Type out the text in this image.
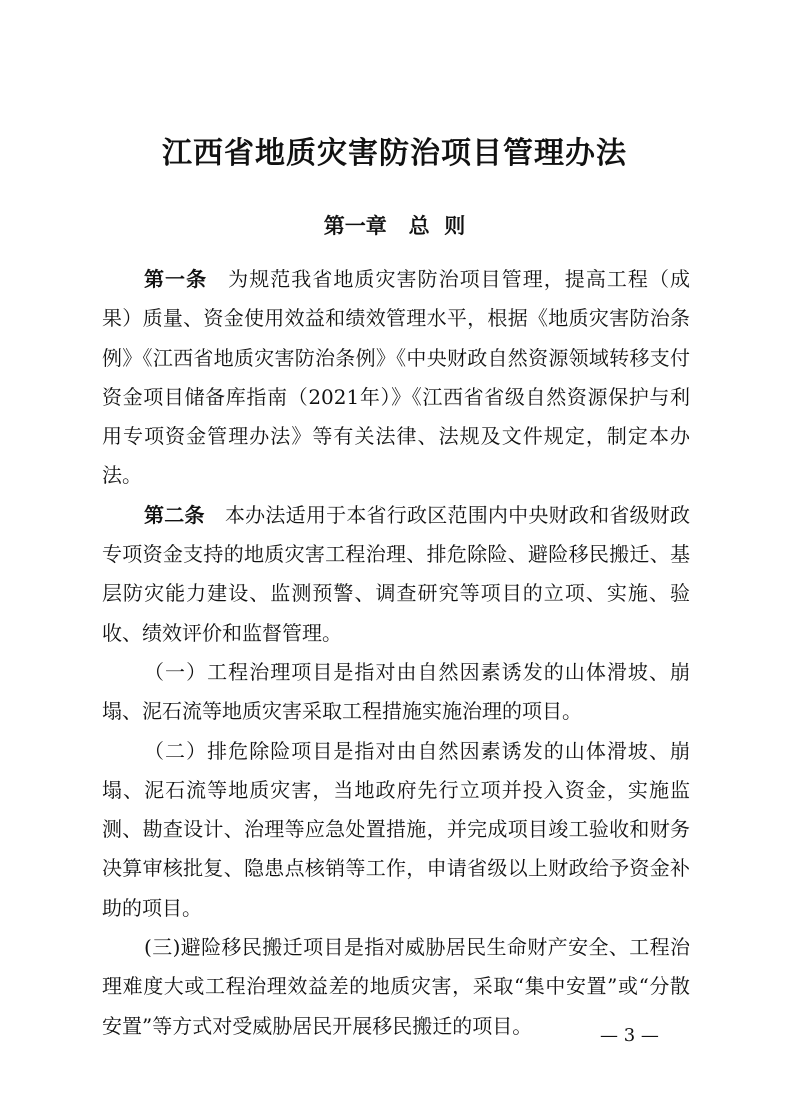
江西省地质灾害防治项目管理办法
第一章   总  则

第一条　 为规范我省地质灾害防治项目管理，提高工程（成果）质量、资金使用效益和绩效管理水平，根据《地质灾害防治条例》《江西省地质灾害防治条例》《中央财政自然资源领域转移支付资金项目储备库指南（2021年）》《江西省省级自然资源保护与利用专项资金管理办法》等有关法律、法规及文件规定，制定本办法。

第二条　 本办法适用于本省行政区范围内中央财政和省级财政专项资金支持的地质灾害工程治理、排危除险、避险移民搬迁、基层防灾能力建设、监测预警、调查研究等项目的立项、实施、验收、绩效评价和监督管理。

（一）工程治理项目是指对由自然因素诱发的山体滑坡、崩塌、泥石流等地质灾害采取工程措施实施治理的项目。

（二）排危除险项目是指对由自然因素诱发的山体滑坡、崩塌、泥石流等地质灾害，当地政府先行立项并投入资金，实施监测、勘查设计、治理等应急处置措施，并完成项目竣工验收和财务决算审核批复、隐患点核销等工作，申请省级以上财政给予资金补助的项目。

(三)避险移民搬迁项目是指对威胁居民生命财产安全、工程治理难度大或工程治理效益差的地质灾害，采取“集中安置”或“分散安置”等方式对受威胁居民开展移民搬迁的项目。	— 3 —
